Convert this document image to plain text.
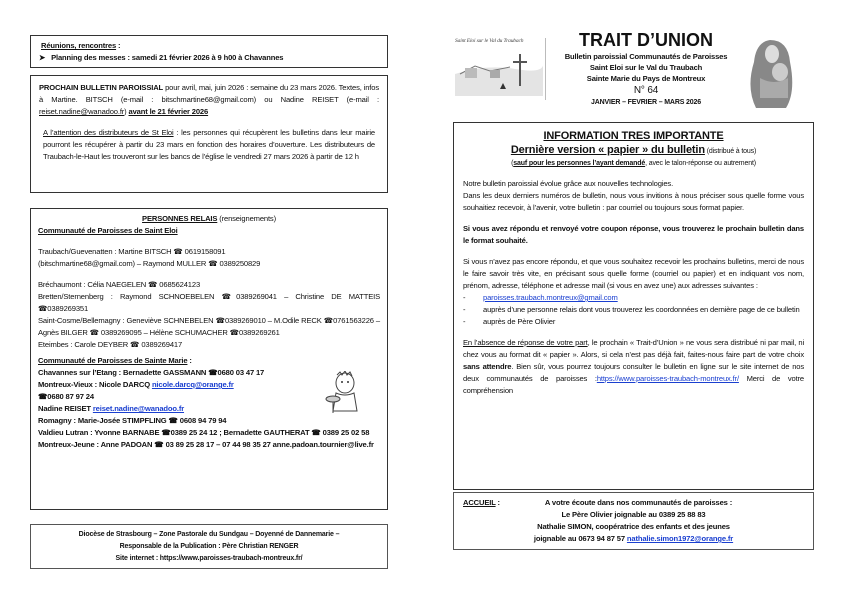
Réunions, rencontres :
➤   Planning des messes : samedi 21 février 2026 à 9 h00 à Chavannes

PROCHAIN BULLETIN PAROISSIAL pour avril, mai, juin 2026 : semaine du 23 mars 2026. Textes, infos à Martine. BITSCH (e-mail : bitschmartine68@gmail.com) ou Nadine REISET (e-mail : reiset.nadine@wanadoo.fr) avant le 21 février 2026

A l’attention des distributeurs de St Eloi : les personnes qui récupèrent les bulletins dans leur mairie pourront les récupérer à partir du 23 mars en fonction des horaires d’ouverture. Les distributeurs de Traubach-le-Haut les trouveront sur les bancs de l’église le vendredi 27 mars 2026 à partir de 12 h

PERSONNES RELAIS (renseignements)
Communauté de Paroisses de Saint Eloi

Traubach/Guevenatten : Martine BITSCH ☎ 0619158091

(bitschmartine68@gmail.com) – Raymond MULLER ☎ 0389250829

Bréchaumont : Célia NAEGELEN ☎ 0685624123

Bretten/Sternenberg : Raymond SCHNOEBELEN ☎0389269041 – Christine DE MATTEIS ☎0389269351

Saint-Cosme/Bellemagny : Geneviève SCHNEBELEN ☎0389269010 – M.Odile RECK ☎0761563226 – Agnès BILGER ☎ 0389269095 – Hélène SCHUMACHER ☎0389269261

Eteimbes : Carole DEYBER ☎ 0389269417

Communauté de Paroisses de Sainte Marie :

Chavannes sur l’Etang : Bernadette GASSMANN ☎0680 03 47 17

Montreux-Vieux : Nicole DARCQ nicole.darcq@orange.fr

☎0680 87 97 24

Nadine REISET reiset.nadine@wanadoo.fr

Romagny : Marie-Josée STIMPFLING ☎ 0608 94 79 94

Valdieu Lutran : Yvonne BARNABE ☎0389 25 24 12 ; Bernadette GAUTHERAT ☎ 0389 25 02 58

Montreux-Jeune : Anne PADOAN ☎ 03 89 25 28 17 – 07 44 98 35 27 anne.padoan.tournier@live.fr

Diocèse de Strasbourg – Zone Pastorale du Sundgau – Doyenné de Dannemarie –
Responsable de la Publication : Père Christian RENGER
Site internet : https://www.paroisses-traubach-montreux.fr/
Saint Eloi sur le Val du Traubach	TRAIT D’UNION
Bulletin paroissial Communautés de Paroisses
Saint Eloi sur le Val du Traubach
Sainte Marie du Pays de Montreux
N° 64
JANVIER – FEVRIER – MARS 2026
INFORMATION TRES IMPORTANTE
Dernière version « papier » du bulletin (distribué à tous)
(sauf pour les personnes l’ayant demandé, avec le talon-réponse ou autrement)

Notre bulletin paroissial évolue grâce aux nouvelles technologies.

Dans les deux derniers numéros de bulletin, nous vous invitions à nous préciser sous quelle forme vous souhaitiez recevoir, à l’avenir, votre bulletin : par courriel ou toujours sous format papier.

Si vous avez répondu et renvoyé votre coupon réponse, vous trouverez le prochain bulletin dans le format souhaité.

Si vous n’avez pas encore répondu, et que vous souhaitez recevoir les prochains bulletins, merci de nous le faire savoir très vite, en précisant sous quelle forme (courriel ou papier) et en indiquant vos nom, prénom, adresse, téléphone et adresse mail (si vous en avez une) aux adresses suivantes :

-	paroisses.traubach.montreux@gmail.com
-	auprès d’une personne relais dont vous trouverez les coordonnées en dernière page de ce bulletin
-	auprès de Père Olivier

En l’absence de réponse de votre part, le prochain « Trait-d’Union » ne vous sera distribué ni par mail, ni chez vous au format dit « papier ». Alors, si cela n’est pas déjà fait, faites-nous faire part de votre choix sans attendre. Bien sûr, vous pourrez toujours consulter le bulletin en ligne sur le site internet de nos deux communautés de paroisses :https://www.paroisses-traubach-montreux.fr/ Merci de votre compréhension

ACCUEIL :	A votre écoute dans nos communautés de paroisses :
Le Père Olivier joignable au 0389 25 88 83
Nathalie SIMON, coopératrice des enfants et des jeunes
joignable au 0673 94 87 57 nathalie.simon1972@orange.fr
